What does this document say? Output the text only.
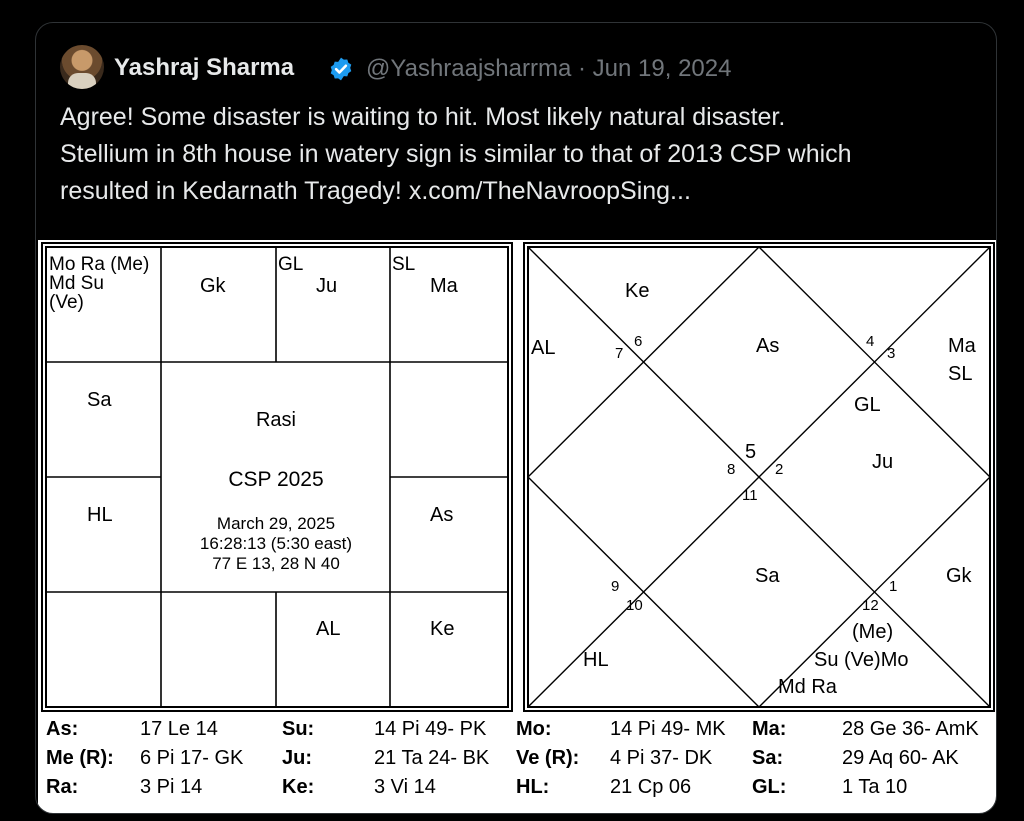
Yashraj Sharma	@Yashraajsharrma · Jun 19, 2024
Agree! Some disaster is waiting to hit. Most likely natural disaster.
Stellium in 8th house in watery sign is similar to that of 2013 CSP which
resulted in Kedarnath Tragedy! x.com/TheNavroopSing...
Mo Ra (Me)
Md Su
(Ve)
Gk
GL
Ju
SL
Ma
Sa
As
HL
Ke
AL
Rasi
CSP 2025
March 29, 2025
16:28:13 (5:30 east)
77 E 13, 28 N 40
Ke
AL	7
6	As	4
3	Ma
SL
GL
5
8	2	Ju
11
9
10
Sa	1 Gk
12
(Me)
HL	Su (Ve)Mo
Md Ra
As:	17 Le 14	Su:	14 Pi 49- PK Mo:	14 Pi 49- MK Ma:	28 Ge 36- AmK
Me (R): 6 Pi 17- GK Ju:	21 Ta 24- BK Ve (R): 4 Pi 37- DK Sa:	29 Aq 60- AK
Ra:	3 Pi 14	Ke:	3 Vi 14	HL:	21 Cp 06	GL:	1 Ta 10
